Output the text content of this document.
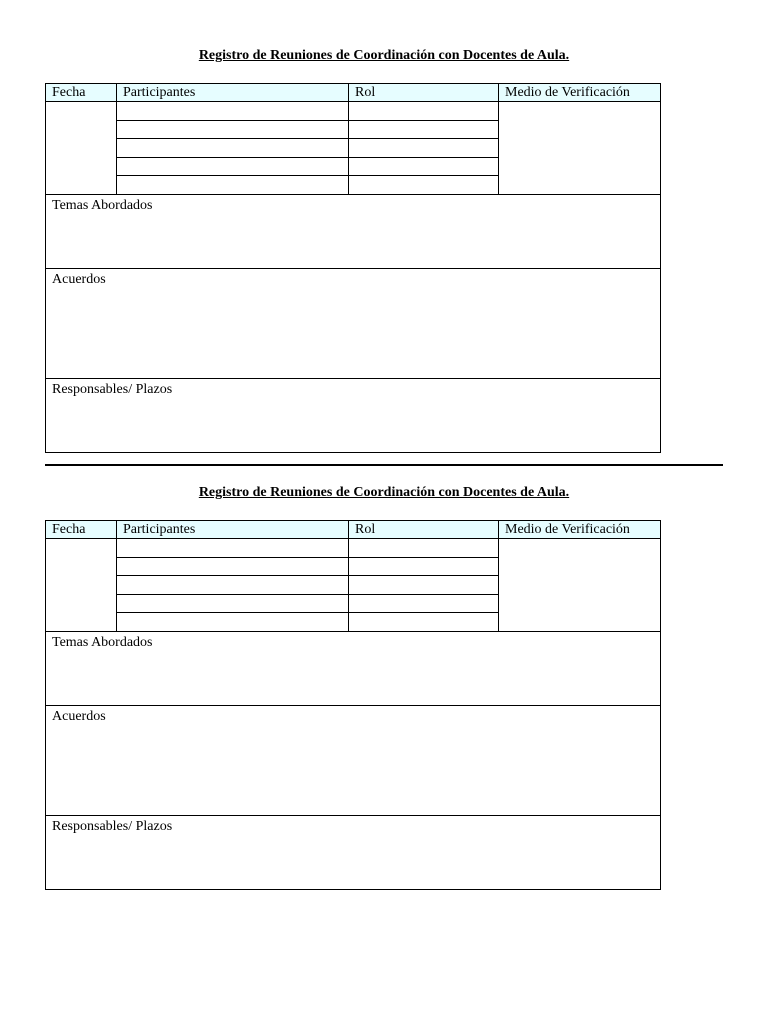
Registro de Reuniones de Coordinación con Docentes de Aula.
Fecha	Participantes	Rol	Medio de Verificación

Temas Abordados			
Acuerdos			
Responsables/ Plazos			
Registro de Reuniones de Coordinación con Docentes de Aula.
Fecha	Participantes	Rol	Medio de Verificación

Temas Abordados			
Acuerdos			
Responsables/ Plazos			
